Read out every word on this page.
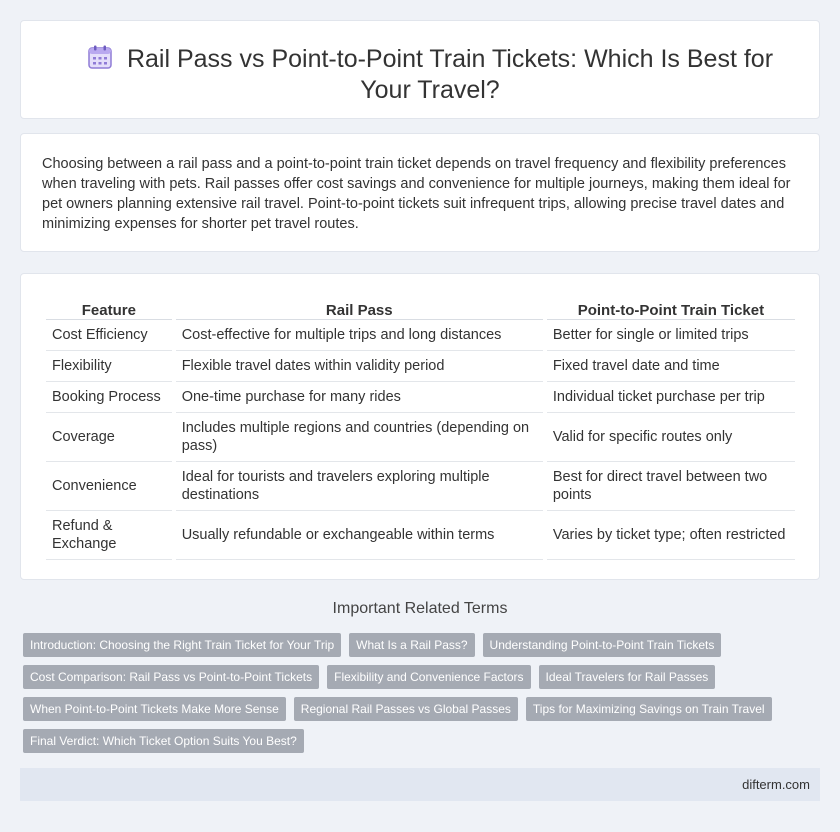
Rail Pass vs Point-to-Point Train Tickets: Which Is Best for Your Travel?

Choosing between a rail pass and a point-to-point train ticket depends on travel frequency and flexibility preferences when traveling with pets. Rail passes offer cost savings and convenience for multiple journeys, making them ideal for pet owners planning extensive rail travel. Point-to-point tickets suit infrequent trips, allowing precise travel dates and minimizing expenses for shorter pet travel routes.

Feature	Rail Pass	Point-to-Point Train Ticket
Cost Efficiency	Cost-effective for multiple trips and long distances	Better for single or limited trips
Flexibility	Flexible travel dates within validity period	Fixed travel date and time
Booking Process	One-time purchase for many rides	Individual ticket purchase per trip
Coverage	Includes multiple regions and countries (depending on pass)	Valid for specific routes only
Convenience	Ideal for tourists and travelers exploring multiple destinations	Best for direct travel between two points
Refund & Exchange	Usually refundable or exchangeable within terms	Varies by ticket type; often restricted
Important Related Terms
Introduction: Choosing the Right Train Ticket for Your Trip	What Is a Rail Pass?	Understanding Point-to-Point Train Tickets
Cost Comparison: Rail Pass vs Point-to-Point Tickets	Flexibility and Convenience Factors	Ideal Travelers for Rail Passes
When Point-to-Point Tickets Make More Sense	Regional Rail Passes vs Global Passes	Tips for Maximizing Savings on Train Travel
Final Verdict: Which Ticket Option Suits You Best?
difterm.com
